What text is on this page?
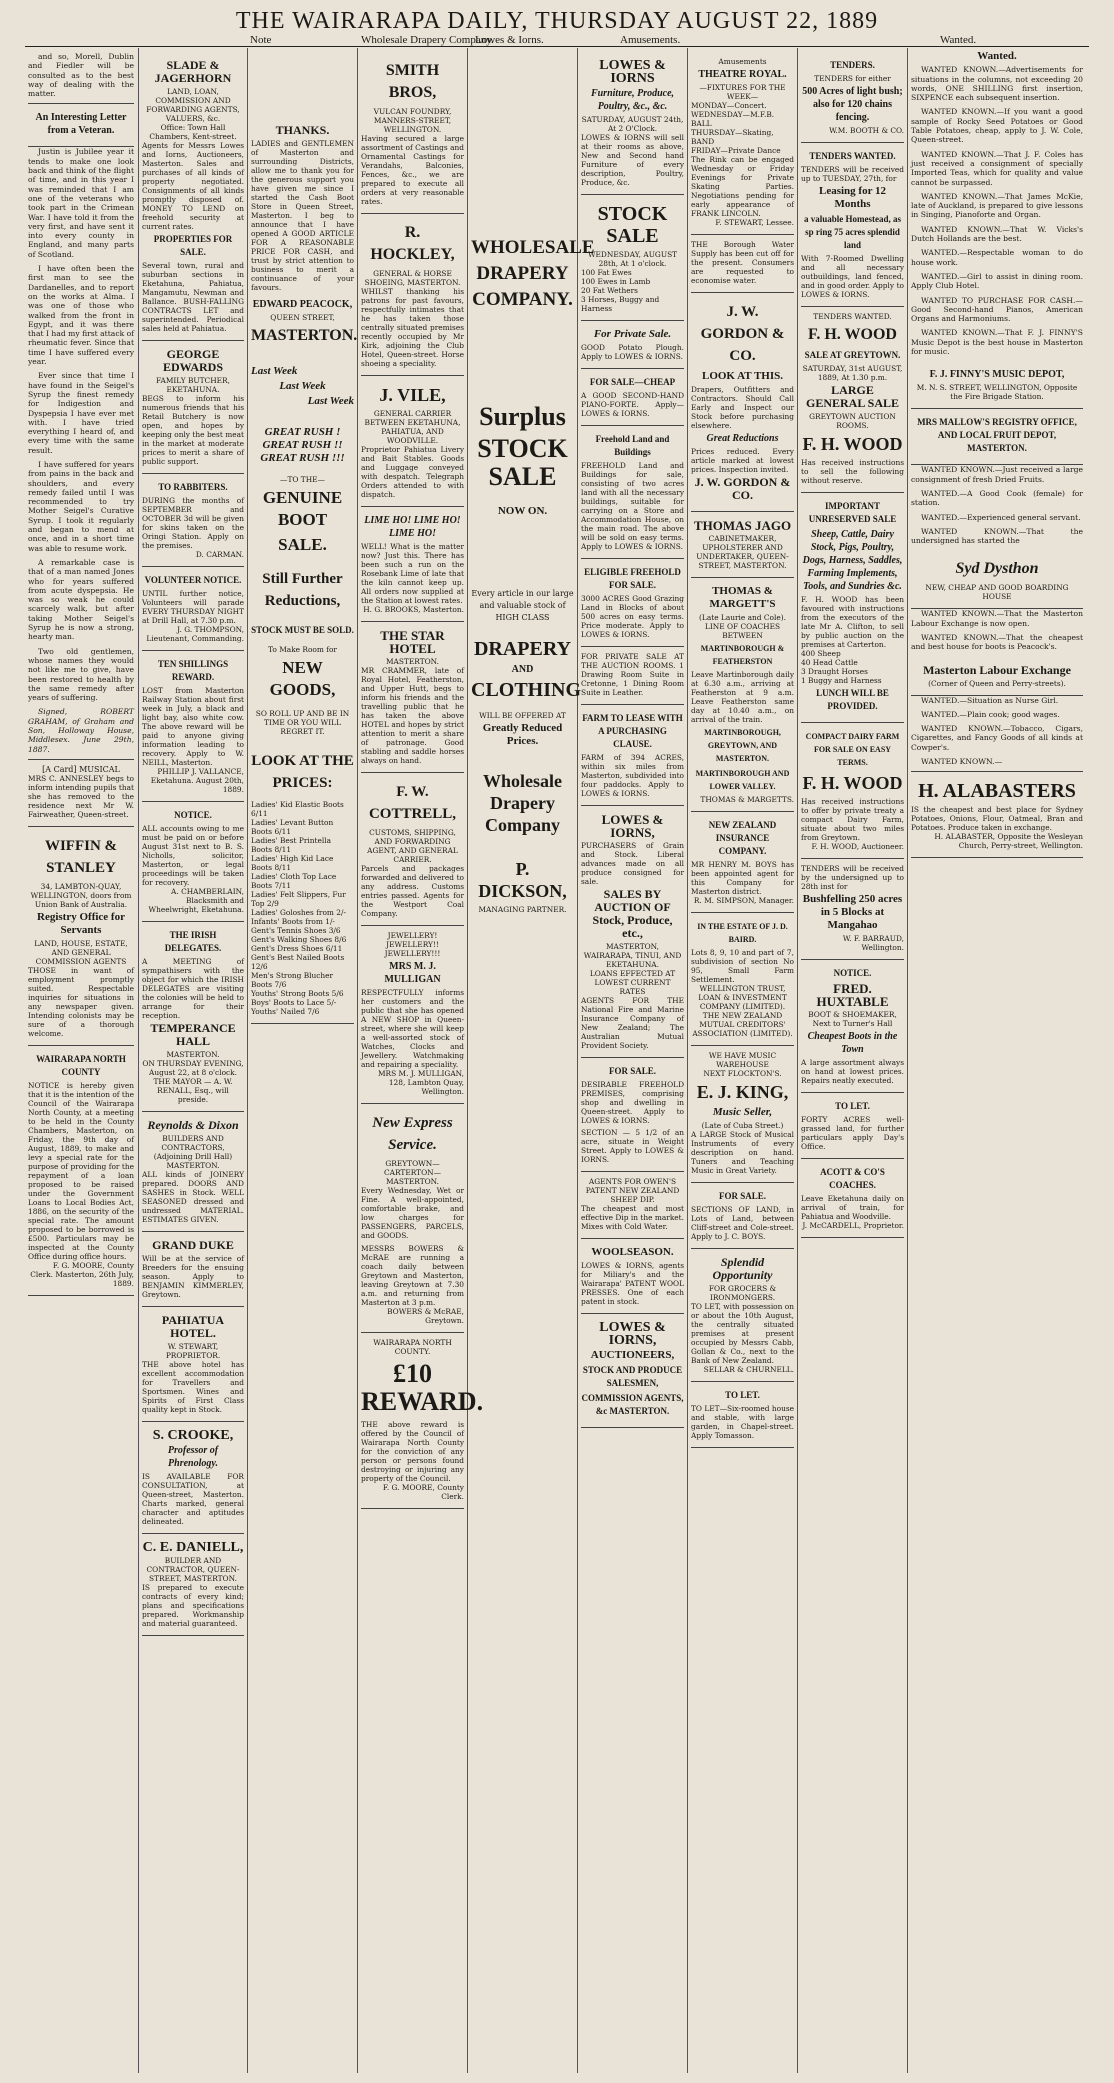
THE WAIRARAPA DAILY, THURSDAY AUGUST 22, 1889
Note	Wholesale Drapery Company.
Lowes & Iorns.	Amusements.	Wanted.

and so, Morell, Dublin and Fiedler will be consulted as to the best way of dealing with the matter.

An Interesting Letter from a Veteran.

Justin is Jubilee year it tends to make one look back and think of the flight of time, and in this year I was reminded that I am one of the veterans who took part in the Crimean War. I have told it from the very first, and have sent it into every county in England, and many parts of Scotland.

I have often been the first man to see the Dardanelles, and to report on the works at Alma. I was one of those who walked from the front in Egypt, and it was there that I had my first attack of rheumatic fever. Since that time I have suffered every year.

Ever since that time I have found in the Seigel's Syrup the finest remedy for Indigestion and Dyspepsia I have ever met with. I have tried everything I heard of, and every time with the same result.

I have suffered for years from pains in the back and shoulders, and every remedy failed until I was recommended to try Mother Seigel's Curative Syrup. I took it regularly and began to mend at once, and in a short time was able to resume work.

A remarkable case is that of a man named Jones who for years suffered from acute dyspepsia. He was so weak he could scarcely walk, but after taking Mother Seigel's Syrup he is now a strong, hearty man.

Two old gentlemen, whose names they would not like me to give, have been restored to health by the same remedy after years of suffering.

Signed, ROBERT GRAHAM, of Graham and Son, Holloway House, Middlesex. June 29th, 1887.

[A Card] MUSICAL
MRS C. ANNESLEY begs to inform intending pupils that she has removed to the residence next Mr W. Fairweather, Queen-street.
WIFFIN & STANLEY
34, LAMBTON-QUAY, WELLINGTON, doors from Union Bank of Australia.
Registry Office for Servants
LAND, HOUSE, ESTATE, AND GENERAL COMMISSION AGENTS
THOSE in want of employment promptly suited. Respectable inquiries for situations in any newspaper given. Intending colonists may be sure of a thorough welcome.
WAIRARAPA NORTH COUNTY
NOTICE is hereby given that it is the intention of the Council of the Wairarapa North County, at a meeting to be held in the County Chambers, Masterton, on Friday, the 9th day of August, 1889, to make and levy a special rate for the purpose of providing for the repayment of a loan proposed to be raised under the Government Loans to Local Bodies Act, 1886, on the security of the special rate. The amount proposed to be borrowed is £500. Particulars may be inspected at the County Office during office hours.
F. G. MOORE, County Clerk. Masterton, 26th July, 1889.
SLADE & JAGERHORN
LAND, LOAN, COMMISSION AND FORWARDING AGENTS, VALUERS, &c.
Office: Town Hall Chambers, Kent-street.
Agents for Messrs Lowes and Iorns, Auctioneers, Masterton. Sales and purchases of all kinds of property negotiated. Consignments of all kinds promptly disposed of. MONEY TO LEND on freehold security at current rates.
PROPERTIES FOR SALE.
Several town, rural and suburban sections in Eketahuna, Pahiatua, Mangamutu, Newman and Ballance. BUSH-FALLING CONTRACTS LET and superintended. Periodical sales held at Pahiatua.
GEORGE EDWARDS
FAMILY BUTCHER, EKETAHUNA.
BEGS to inform his numerous friends that his Retail Butchery is now open, and hopes by keeping only the best meat in the market at moderate prices to merit a share of public support.
TO RABBITERS.
DURING the months of SEPTEMBER and OCTOBER 3d will be given for skins taken on the Oringi Station. Apply on the premises.
D. CARMAN.
VOLUNTEER NOTICE.
UNTIL further notice, Volunteers will parade EVERY THURSDAY NIGHT at Drill Hall, at 7.30 p.m.
J. G. THOMPSON, Lieutenant, Commanding.
TEN SHILLINGS REWARD.
LOST from Masterton Railway Station about first week in July, a black and light bay, also white cow. The above reward will be paid to anyone giving information leading to recovery. Apply to W. NEILL, Masterton.
PHILLIP J. VALLANCE, Eketahuna. August 20th, 1889.
NOTICE.
ALL accounts owing to me must be paid on or before August 31st next to B. S. Nicholls, solicitor, Masterton, or legal proceedings will be taken for recovery.
A. CHAMBERLAIN, Blacksmith and Wheelwright, Eketahuna.
THE IRISH DELEGATES.
A MEETING of sympathisers with the object for which the IRISH DELEGATES are visiting the colonies will be held to arrange for their reception.
TEMPERANCE HALL
MASTERTON.
ON THURSDAY EVENING, August 22, at 8 o'clock.
THE MAYOR — A. W. RENALL, Esq., will preside.
Reynolds & Dixon
BUILDERS AND CONTRACTORS, (Adjoining Drill Hall) MASTERTON.
ALL kinds of JOINERY prepared. DOORS AND SASHES in Stock. WELL SEASONED dressed and undressed MATERIAL. ESTIMATES GIVEN.
GRAND DUKE
Will be at the service of Breeders for the ensuing season. Apply to BENJAMIN KIMMERLEY, Greytown.
PAHIATUA HOTEL.
W. STEWART, PROPRIETOR.
THE above hotel has excellent accommodation for Travellers and Sportsmen. Wines and Spirits of First Class quality kept in Stock.
S. CROOKE,
Professor of Phrenology.
IS AVAILABLE FOR CONSULTATION, at Queen-street, Masterton. Charts marked, general character and aptitudes delineated.
C. E. DANIELL,
BUILDER AND CONTRACTOR, QUEEN-STREET, MASTERTON.
IS prepared to execute contracts of every kind; plans and specifications prepared. Workmanship and material guaranteed.
THANKS.
LADIES and GENTLEMEN of Masterton and surrounding Districts, allow me to thank you for the generous support you have given me since I started the Cash Boot Store in Queen Street, Masterton. I beg to announce that I have opened A GOOD ARTICLE FOR A REASONABLE PRICE FOR CASH, and trust by strict attention to business to merit a continuance of your favours.
EDWARD PEACOCK,
QUEEN STREET,
MASTERTON.
Last Week
Last Week
Last Week
GREAT RUSH ! GREAT RUSH !! GREAT RUSH !!!
—TO THE—
GENUINE BOOT
SALE.
Still Further Reductions,
STOCK MUST BE SOLD.
To Make Room for
NEW GOODS,
SO ROLL UP AND BE IN TIME OR YOU WILL REGRET IT.
LOOK AT THE PRICES:
Ladies' Kid Elastic Boots 6/11
Ladies' Levant Button Boots 6/11
Ladies' Best Printella Boots 8/11
Ladies' High Kid Lace Boots 8/11
Ladies' Cloth Top Lace Boots 7/11
Ladies' Felt Slippers, Fur Top 2/9
Ladies' Goloshes from 2/-
Infants' Boots from 1/-
Gent's Tennis Shoes 3/6
Gent's Walking Shoes 8/6
Gent's Dress Shoes 6/11
Gent's Best Nailed Boots 12/6
Men's Strong Blucher Boots 7/6
Youths' Strong Boots 5/6
Boys' Boots to Lace 5/-
Youths' Nailed 7/6
SMITH BROS,
VULCAN FOUNDRY, MANNERS-STREET, WELLINGTON.
Having secured a large assortment of Castings and Ornamental Castings for Verandahs, Balconies, Fences, &c., we are prepared to execute all orders at very reasonable rates.
R. HOCKLEY,
GENERAL & HORSE SHOEING, MASTERTON.
WHILST thanking his patrons for past favours, respectfully intimates that he has taken those centrally situated premises recently occupied by Mr Kirk, adjoining the Club Hotel, Queen-street. Horse shoeing a speciality.
J. VILE,
GENERAL CARRIER BETWEEN EKETAHUNA, PAHIATUA, AND WOODVILLE.
Proprietor Pahiatua Livery and Bait Stables. Goods and Luggage conveyed with despatch. Telegraph Orders attended to with dispatch.
LIME HO! LIME HO! LIME HO!
WELL! What is the matter now? Just this. There has been such a run on the Rosebank Lime of late that the kiln cannot keep up. All orders now supplied at the Station at lowest rates.
H. G. BROOKS, Masterton.
THE STAR HOTEL
MASTERTON.
MR CRAMMER, late of Royal Hotel, Featherston, and Upper Hutt, begs to inform his friends and the travelling public that he has taken the above HOTEL and hopes by strict attention to merit a share of patronage. Good stabling and saddle horses always on hand.
F. W. COTTRELL,
CUSTOMS, SHIPPING, AND FORWARDING AGENT, AND GENERAL CARRIER.
Parcels and packages forwarded and delivered to any address. Customs entries passed. Agents for the Westport Coal Company.
JEWELLERY! JEWELLERY!! JEWELLERY!!!
MRS M. J. MULLIGAN
RESPECTFULLY informs her customers and the public that she has opened A NEW SHOP in Queen-street, where she will keep a well-assorted stock of Watches, Clocks and Jewellery. Watchmaking and repairing a speciality.
MRS M. J. MULLIGAN, 128, Lambton Quay, Wellington.
New Express Service.
GREYTOWN—CARTERTON—MASTERTON.
Every Wednesday, Wet or Fine. A well-appointed, comfortable brake, and low charges for PASSENGERS, PARCELS, and GOODS.
MESSRS BOWERS & McRAE are running a coach daily between Greytown and Masterton, leaving Greytown at 7.30 a.m. and returning from Masterton at 3 p.m.
BOWERS & McRAE, Greytown.
WAIRARAPA NORTH COUNTY.
£10 REWARD.
THE above reward is offered by the Council of Wairarapa North County for the conviction of any person or persons found destroying or injuring any property of the Council.
F. G. MOORE, County Clerk.
WHOLESALE DRAPERY COMPANY.
Surplus
STOCK SALE
NOW ON.
Every article in our large and valuable stock of HIGH CLASS
DRAPERY
AND
CLOTHING
WILL BE OFFERED AT
Greatly Reduced Prices.
Wholesale Drapery Company
P. DICKSON,
MANAGING PARTNER.
LOWES & IORNS
Furniture, Produce, Poultry, &c., &c.
SATURDAY, AUGUST 24th, At 2 O'Clock.
LOWES & IORNS will sell at their rooms as above, New and Second hand Furniture of every description, Poultry, Produce, &c.
STOCK SALE
WEDNESDAY, AUGUST 28th, At 1 o'clock.
100 Fat Ewes
100 Ewes in Lamb
20 Fat Wethers
3 Horses, Buggy and Harness
For Private Sale.
GOOD Potato Plough. Apply to LOWES & IORNS.
FOR SALE—CHEAP
A GOOD SECOND-HAND PIANO-FORTE. Apply— LOWES & IORNS.
Freehold Land and Buildings
FREEHOLD Land and Buildings for sale, consisting of two acres land with all the necessary buildings, suitable for carrying on a Store and Accommodation House, on the main road. The above will be sold on easy terms. Apply to LOWES & IORNS.
ELIGIBLE FREEHOLD FOR SALE.
3000 ACRES Good Grazing Land in Blocks of about 500 acres on easy terms. Price moderate. Apply to LOWES & IORNS.
FOR PRIVATE SALE AT THE AUCTION ROOMS. 1 Drawing Room Suite in Cretonne, 1 Dining Room Suite in Leather.
FARM TO LEASE WITH A PURCHASING CLAUSE.
FARM of 394 ACRES, within six miles from Masterton, subdivided into four paddocks. Apply to LOWES & IORNS.
LOWES & IORNS,
PURCHASERS of Grain and Stock. Liberal advances made on all produce consigned for sale.
SALES BY AUCTION OF Stock, Produce, etc.,
MASTERTON, WAIRARAPA, TINUI, AND EKETAHUNA.
LOANS EFFECTED AT LOWEST CURRENT RATES
AGENTS FOR THE National Fire and Marine Insurance Company of New Zealand; The Australian Mutual Provident Society.
FOR SALE.
DESIRABLE FREEHOLD PREMISES, comprising shop and dwelling in Queen-street. Apply to LOWES & IORNS.
SECTION — 5 1/2 of an acre, situate in Weight Street. Apply to LOWES & IORNS.
AGENTS FOR OWEN'S PATENT NEW ZEALAND SHEEP DIP.
The cheapest and most effective Dip in the market. Mixes with Cold Water.
WOOLSEASON.
LOWES & IORNS, agents for Miliary's and the Wairarapa' PATENT WOOL PRESSES. One of each patent in stock.
LOWES & IORNS,
AUCTIONEERS,
STOCK AND PRODUCE SALESMEN,
COMMISSION AGENTS, &c MASTERTON.
Amusements
THEATRE ROYAL.
—FIXTURES FOR THE WEEK—
MONDAY—Concert.
WEDNESDAY—M.F.B. BALL
THURSDAY—Skating, BAND
FRIDAY—Private Dance
The Rink can be engaged Wednesday or Friday Evenings for Private Skating Parties. Negotiations pending for early appearance of FRANK LINCOLN.
F. STEWART, Lessee.
THE Borough Water Supply has been cut off for the present. Consumers are requested to economise water.
J. W. GORDON & CO.
LOOK AT THIS.
Drapers, Outfitters and Contractors. Should Call Early and Inspect our Stock before purchasing elsewhere.
Great Reductions
Prices reduced. Every article marked at lowest prices. Inspection invited.
J. W. GORDON & CO.
THOMAS JAGO
CABINETMAKER, UPHOLSTERER AND UNDERTAKER, QUEEN-STREET, MASTERTON.
THOMAS & MARGETT'S
(Late Laurie and Cole). LINE OF COACHES
BETWEEN
MARTINBOROUGH & FEATHERSTON
Leave Martinborough daily at 6.30 a.m., arriving at Featherston at 9 a.m. Leave Featherston same day at 10.40 a.m., on arrival of the train.
MARTINBOROUGH, GREYTOWN, AND MASTERTON.
MARTINBOROUGH AND LOWER VALLEY.
THOMAS & MARGETTS.
NEW ZEALAND INSURANCE COMPANY.
MR HENRY M. BOYS has been appointed agent for this Company for Masterton district.
R. M. SIMPSON, Manager.
IN THE ESTATE OF J. D. BAIRD.
Lots 8, 9, 10 and part of 7, subdivision of section No 95, Small Farm Settlement.
WELLINGTON TRUST, LOAN & INVESTMENT COMPANY (LIMITED).
THE NEW ZEALAND MUTUAL CREDITORS' ASSOCIATION (LIMITED).
WE HAVE MUSIC WAREHOUSE
NEXT FLOCKTON'S.
E. J. KING,
Music Seller,
(Late of Cuba Street.)
A LARGE Stock of Musical Instruments of every description on hand. Tuners and Teaching Music in Great Variety.
FOR SALE.
SECTIONS OF LAND, in Lots of Land, between Cliff-street and Cole-street. Apply to J. C. BOYS.
Splendid Opportunity
FOR GROCERS & IRONMONGERS.
TO LET, with possession on or about the 10th August, the centrally situated premises at present occupied by Messrs Cabb, Gollan & Co., next to the Bank of New Zealand.
SELLAR & CHURNELL.
TO LET.
TO LET—Six-roomed house and stable, with large garden, in Chapel-street. Apply Tomasson.
TENDERS.
TENDERS for either
500 Acres of light bush; also for 120 chains fencing.
W.M. BOOTH & CO.
TENDERS WANTED.
TENDERS will be received up to TUESDAY, 27th, for
Leasing for 12 Months
a valuable Homestead, as sp ring 75 acres splendid land
With 7-Roomed Dwelling and all necessary outbuildings, land fenced, and in good order. Apply to LOWES & IORNS.
TENDERS WANTED.
F. H. WOOD
SALE AT GREYTOWN.
SATURDAY, 31st AUGUST, 1889, At 1.30 p.m.
LARGE GENERAL SALE
GREYTOWN AUCTION ROOMS.
F. H. WOOD
Has received instructions to sell the following without reserve.
IMPORTANT UNRESERVED SALE
Sheep, Cattle, Dairy Stock, Pigs, Poultry, Dogs, Harness, Saddles, Farming Implements, Tools, and Sundries &c.
F. H. WOOD has been favoured with instructions from the executors of the late Mr A. Clifton, to sell by public auction on the premises at Carterton.
400 Sheep
40 Head Cattle
3 Draught Horses
1 Buggy and Harness
LUNCH WILL BE PROVIDED.
COMPACT DAIRY FARM FOR SALE ON EASY TERMS.
F. H. WOOD
Has received instructions to offer by private treaty a compact Dairy Farm, situate about two miles from Greytown.
F. H. WOOD, Auctioneer.
TENDERS will be received by the undersigned up to 28th inst for
Bushfelling 250 acres in 5 Blocks at Mangahao
W. F. BARRAUD, Wellington.
NOTICE.
FRED. HUXTABLE
BOOT & SHOEMAKER, Next to Turner's Hall
Cheapest Boots in the Town
A large assortment always on hand at lowest prices. Repairs neatly executed.
TO LET.
FORTY ACRES well-grassed land, for further particulars apply Day's Office.
ACOTT & CO'S COACHES.
Leave Eketahuna daily on arrival of train, for Pahiatua and Woodville.
J. McCARDELL, Proprietor.
Wanted.

WANTED KNOWN.—Advertisements for situations in the columns, not exceeding 20 words, ONE SHILLING first insertion, SIXPENCE each subsequent insertion.

WANTED KNOWN.—If you want a good sample of Rocky Seed Potatoes or Good Table Potatoes, cheap, apply to J. W. Cole, Queen-street.

WANTED KNOWN.—That J. F. Coles has just received a consignment of specially Imported Teas, which for quality and value cannot be surpassed.

WANTED KNOWN.—That James McKie, late of Auckland, is prepared to give lessons in Singing, Pianoforte and Organ.

WANTED KNOWN.—That W. Vicks's Dutch Hollands are the best.

WANTED.—Respectable woman to do house work.

WANTED.—Girl to assist in dining room. Apply Club Hotel.

WANTED TO PURCHASE FOR CASH.—Good Second-hand Pianos, American Organs and Harmoniums.

WANTED KNOWN.—That F. J. FINNY'S Music Depot is the best house in Masterton for music.

F. J. FINNY'S MUSIC DEPOT,
M. N. S. STREET, WELLINGTON, Opposite the Fire Brigade Station.
MRS MALLOW'S REGISTRY OFFICE, AND LOCAL FRUIT DEPOT, MASTERTON.

WANTED KNOWN.—Just received a large consignment of fresh Dried Fruits.

WANTED.—A Good Cook (female) for station.

WANTED.—Experienced general servant.

WANTED KNOWN.—That the undersigned has started the

Syd Dysthon
NEW, CHEAP AND GOOD BOARDING HOUSE

WANTED KNOWN.—That the Masterton Labour Exchange is now open.

WANTED KNOWN.—That the cheapest and best house for boots is Peacock's.

Masterton Labour Exchange
(Corner of Queen and Perry-streets).

WANTED.—Situation as Nurse Girl.

WANTED.—Plain cook; good wages.

WANTED KNOWN.—Tobacco, Cigars, Cigarettes, and Fancy Goods of all kinds at Cowper's.

WANTED KNOWN.—

H. ALABASTERS
IS the cheapest and best place for Sydney Potatoes, Onions, Flour, Oatmeal, Bran and Potatoes. Produce taken in exchange.
H. ALABASTER, Opposite the Wesleyan Church, Perry-street, Wellington.
